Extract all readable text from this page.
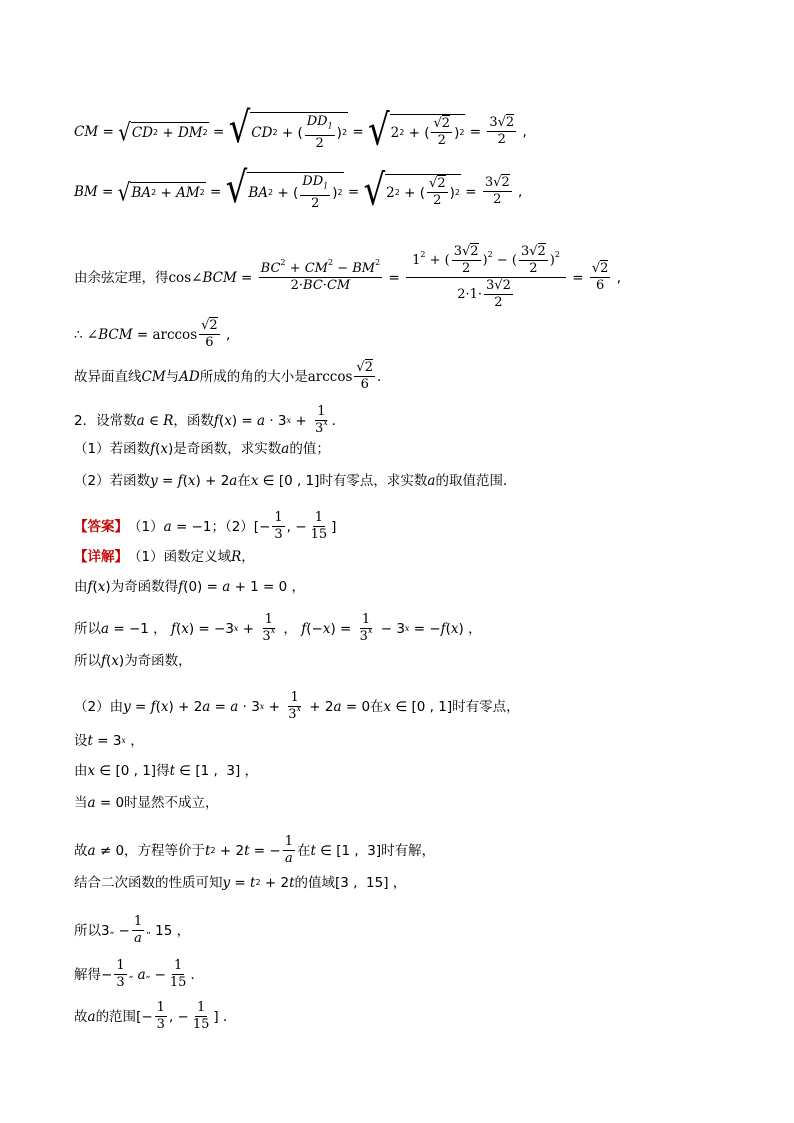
CM = √ CD 2 + DM 2 = √ CD 2 + ( $\frac{DD_1}{2}$ ) 2 = √ 2 2 + ( $\frac{√2}{2}$ ) $2 = \frac{3√2}{2}$ ,
BM = √ BA 2 + AM 2 = √ BA 2 + ( $\frac{DD_1}{2}$ ) 2 = √ 2 2 + ( $\frac{√2}{2}$ ) $2 = \frac{3√2}{2}$ ,
由余弦定理，得 cos∠ BCM = $\frac{BC^2 + CM^2 - BM^2}{2\cdot BC\cdot CM} = \frac{1^2 + ( \frac{3√2}{2} )^2 - ( \frac{3√2}{2} )^2}{2\cdot 1\cdot \frac{3√2}{2}} = \frac{√2}{6}$ ,
∴ ∠ BCM = $\arccos \frac{√2}{6}$ ,
故异面直线 CM 与 AD 所成的角的大小是 $\arccos \frac{√2}{6}$ ．
2．设常数 a ∈ R ，函数 f ( x ) = a · 3 $x + \frac{1}{3^x}$ ．
（1）若函数 f ( x ) 是奇函数，求实数 a 的值；
（2）若函数 y = f ( x ) + 2 a 在 x ∈ [0 , 1] 时有零点，求实数 a 的取值范围．
【答案】 （1） a = −1 ；（2） [− $\frac{1}{3}$ , − $\frac{1}{15}$ ]
【详解】 （1）函数定义域 R ，
由 f ( x ) 为奇函数得 f (0) = a + 1 = 0 ，
所以 a = −1 ， f ( x ) = −3 $x + \frac{1}{3^x}$ ， f (− x ) = $\frac{1}{3^x} - 3$ x = − f ( x ) ，
所以 f ( x ) 为奇函数，
（2）由 y = f ( x ) + 2 a = a · 3 $x + \frac{1}{3^x} + 2$ a = 0 在 x ∈ [0 , 1] 时有零点，
设 t = 3 x ，
由 x ∈ [0 , 1] 得 t ∈ [1 ,  3] ，
当 a = 0 时显然不成立，
故 a ≠ 0 ，方程等价于 t 2 + 2 t = − $\frac{1}{a}$ 在 t ∈ [1 ,  3] 时有解，
结合二次函数的性质可知 y = t 2 + 2 t 的值域 [3 ,  15] ，
所以 3 „ − $\frac{1}{a}$ „ 15 ，
解得 − $\frac{1}{3}$ „
a „ − $\frac{1}{15}$ ．
故 a 的范围 [− $\frac{1}{3}$ , − $\frac{1}{15}$ ] ．
